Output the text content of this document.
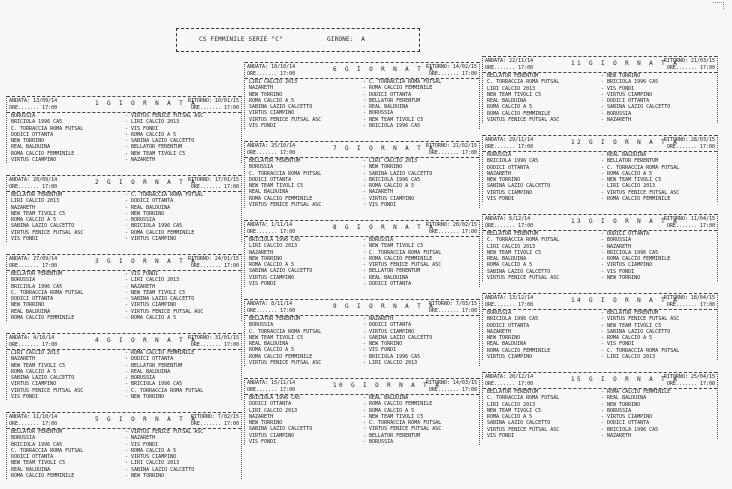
CS FEMMINILE SERIE "C"	GIRONE:  A
ANDATA: 13/09/14
ORE....... 17:00
1 G I O R N A T A
RITORNO: 10/01/15
ORE....... 17:00
BORUSSIA	- VIRTUS FENICE FUTSAL ASC
BRICIOLA 1996 CA5	- LIRI CALCIO 2013
C. TORRACCIA ROMA FUTSAL	- VIS FONDI
DODICI OTTANTA	- ROMA CALCIO A 5
NEW TORRINO	- SABINA LAZIO CALCETTO
REAL BALDUINA	- BELLATOR FERENTUM
ROMA CALCIO FEMMINILE	- NEW TEAM TIVOLI C5
VIRTUS CIAMPINO	- NAZARETH
ANDATA: 20/09/14
ORE....... 17:00
2 G I O R N A T A
RITORNO: 17/01/15
ORE....... 17:00
BELLATOR FERENTUM	- C. TORRACCIA ROMA FUTSAL
LIRI CALCIO 2013	- DODICI OTTANTA
NAZARETH	- REAL BALDUINA
NEW TEAM TIVOLI C5	- NEW TORRINO
ROMA CALCIO A 5	- BORUSSIA
SABINA LAZIO CALCETTO	- BRICIOLA 1996 CA5
VIRTUS FENICE FUTSAL ASC	- ROMA CALCIO FEMMINILE
VIS FONDI	- VIRTUS CIAMPINO
ANDATA: 27/09/14
ORE....... 17:00
3 G I O R N A T A
RITORNO: 24/01/15
ORE....... 17:00
BELLATOR FERENTUM	- VIS FONDI
BORUSSIA	- LIRI CALCIO 2013
BRICIOLA 1996 CA5	- NAZARETH
C. TORRACCIA ROMA FUTSAL	- NEW TEAM TIVOLI C5
DODICI OTTANTA	- SABINA LAZIO CALCETTO
NEW TORRINO	- VIRTUS CIAMPINO
REAL BALDUINA	- VIRTUS FENICE FUTSAL ASC
ROMA CALCIO FEMMINILE	- ROMA CALCIO A 5
ANDATA: 4/10/14
ORE....... 17:00
4 G I O R N A T A
RITORNO: 31/01/15
ORE....... 17:00
LIRI CALCIO 2013	- ROMA CALCIO FEMMINILE
NAZARETH	- DODICI OTTANTA
NEW TEAM TIVOLI C5	- BELLATOR FERENTUM
ROMA CALCIO A 5	- REAL BALDUINA
SABINA LAZIO CALCETTO	- BORUSSIA
VIRTUS CIAMPINO	- BRICIOLA 1996 CA5
VIRTUS FENICE FUTSAL ASC	- C. TORRACCIA ROMA FUTSAL
VIS FONDI	- NEW TORRINO
ANDATA: 11/10/14
ORE....... 17:00
5 G I O R N A T A
RITORNO: 7/02/15
ORE....... 17:00
BELLATOR FERENTUM	- VIRTUS FENICE FUTSAL ASC
BORUSSIA	- NAZARETH
BRICIOLA 1996 CA5	- VIS FONDI
C. TORRACCIA ROMA FUTSAL	- ROMA CALCIO A 5
DODICI OTTANTA	- VIRTUS CIAMPINO
NEW TEAM TIVOLI C5	- LIRI CALCIO 2013
REAL BALDUINA	- SABINA LAZIO CALCETTO
ROMA CALCIO FEMMINILE	- NEW TORRINO
ANDATA: 18/10/14
ORE....... 17:00
6 G I O R N A T A
RITORNO: 14/02/15
ORE....... 17:00
LIRI CALCIO 2013	- C. TORRACCIA ROMA FUTSAL
NAZARETH	- ROMA CALCIO FEMMINILE
NEW TORRINO	- DODICI OTTANTA
ROMA CALCIO A 5	- BELLATOR FERENTUM
SABINA LAZIO CALCETTO	- REAL BALDUINA
VIRTUS CIAMPINO	- BORUSSIA
VIRTUS FENICE FUTSAL ASC	- NEW TEAM TIVOLI C5
VIS FONDI	- BRICIOLA 1996 CA5
ANDATA: 25/10/14
ORE....... 17:00
7 G I O R N A T A
RITORNO: 21/02/15
ORE....... 17:00
BELLATOR FERENTUM	- LIRI CALCIO 2013
BORUSSIA	- NEW TORRINO
C. TORRACCIA ROMA FUTSAL	- SABINA LAZIO CALCETTO
DODICI OTTANTA	- BRICIOLA 1996 CA5
NEW TEAM TIVOLI C5	- ROMA CALCIO A 5
REAL BALDUINA	- NAZARETH
ROMA CALCIO FEMMINILE	- VIRTUS CIAMPINO
VIRTUS FENICE FUTSAL ASC	- VIS FONDI
ANDATA: 1/11/14
ORE....... 17:00
8 G I O R N A T A
RITORNO: 28/02/15
ORE....... 17:00
BRICIOLA 1996 CA5	- BORUSSIA
LIRI CALCIO 2013	- NEW TEAM TIVOLI C5
NAZARETH	- C. TORRACCIA ROMA FUTSAL
NEW TORRINO	- ROMA CALCIO FEMMINILE
ROMA CALCIO A 5	- VIRTUS FENICE FUTSAL ASC
SABINA LAZIO CALCETTO	- BELLATOR FERENTUM
VIRTUS CIAMPINO	- REAL BALDUINA
VIS FONDI	- DODICI OTTANTA
ANDATA: 8/11/14
ORE....... 17:00
9 G I O R N A T A
RITORNO: 7/03/15
ORE....... 17:00
BELLATOR FERENTUM	- NAZARETH
BORUSSIA	- DODICI OTTANTA
C. TORRACCIA ROMA FUTSAL	- VIRTUS CIAMPINO
NEW TEAM TIVOLI C5	- SABINA LAZIO CALCETTO
REAL BALDUINA	- NEW TORRINO
ROMA CALCIO A 5	- VIS FONDI
ROMA CALCIO FEMMINILE	- BRICIOLA 1996 CA5
VIRTUS FENICE FUTSAL ASC	- LIRI CALCIO 2013
ANDATA: 15/11/14
ORE....... 17:00
10 G I O R N A T A
RITORNO: 14/03/15
ORE....... 17:00
BRICIOLA 1996 CA5	- REAL BALDUINA
DODICI OTTANTA	- ROMA CALCIO FEMMINILE
LIRI CALCIO 2013	- ROMA CALCIO A 5
NAZARETH	- NEW TEAM TIVOLI C5
NEW TORRINO	- C. TORRACCIA ROMA FUTSAL
SABINA LAZIO CALCETTO	- VIRTUS FENICE FUTSAL ASC
VIRTUS CIAMPINO	- BELLATOR FERENTUM
VIS FONDI	- BORUSSIA
ANDATA: 22/11/14
ORE....... 17:00
11 G I O R N A T A
RITORNO: 21/03/15
ORE....... 17:00
BELLATOR FERENTUM	- NEW TORRINO
C. TORRACCIA ROMA FUTSAL	- BRICIOLA 1996 CA5
LIRI CALCIO 2013	- VIS FONDI
NEW TEAM TIVOLI C5	- VIRTUS CIAMPINO
REAL BALDUINA	- DODICI OTTANTA
ROMA CALCIO A 5	- SABINA LAZIO CALCETTO
ROMA CALCIO FEMMINILE	- BORUSSIA
VIRTUS FENICE FUTSAL ASC	- NAZARETH
ANDATA: 29/11/14
ORE....... 17:00
12 G I O R N A T A
RITORNO: 28/03/15
ORE....... 17:00
BORUSSIA	- REAL BALDUINA
BRICIOLA 1996 CA5	- BELLATOR FERENTUM
DODICI OTTANTA	- C. TORRACCIA ROMA FUTSAL
NAZARETH	- ROMA CALCIO A 5
NEW TORRINO	- NEW TEAM TIVOLI C5
SABINA LAZIO CALCETTO	- LIRI CALCIO 2013
VIRTUS CIAMPINO	- VIRTUS FENICE FUTSAL ASC
VIS FONDI	- ROMA CALCIO FEMMINILE
ANDATA: 6/12/14
ORE....... 17:00
13 G I O R N A T A
RITORNO: 11/04/15
ORE....... 17:00
BELLATOR FERENTUM	- DODICI OTTANTA
C. TORRACCIA ROMA FUTSAL	- BORUSSIA
LIRI CALCIO 2013	- NAZARETH
NEW TEAM TIVOLI C5	- BRICIOLA 1996 CA5
REAL BALDUINA	- ROMA CALCIO FEMMINILE
ROMA CALCIO A 5	- VIRTUS CIAMPINO
SABINA LAZIO CALCETTO	- VIS FONDI
VIRTUS FENICE FUTSAL ASC	- NEW TORRINO
ANDATA: 13/12/14
ORE....... 17:00
14 G I O R N A T A
RITORNO: 18/04/15
ORE....... 17:00
BORUSSIA	- BELLATOR FERENTUM
BRICIOLA 1996 CA5	- VIRTUS FENICE FUTSAL ASC
DODICI OTTANTA	- NEW TEAM TIVOLI C5
NAZARETH	- SABINA LAZIO CALCETTO
NEW TORRINO	- ROMA CALCIO A 5
REAL BALDUINA	- VIS FONDI
ROMA CALCIO FEMMINILE	- C. TORRACCIA ROMA FUTSAL
VIRTUS CIAMPINO	- LIRI CALCIO 2013
ANDATA: 20/12/14
ORE....... 17:00
15 G I O R N A T A
RITORNO: 25/04/15
ORE....... 17:00
BELLATOR FERENTUM	- ROMA CALCIO FEMMINILE
C. TORRACCIA ROMA FUTSAL	- REAL BALDUINA
LIRI CALCIO 2013	- NEW TORRINO
NEW TEAM TIVOLI C5	- BORUSSIA
ROMA CALCIO A 5	- VIRTUS CIAMPINO
SABINA LAZIO CALCETTO	- DODICI OTTANTA
VIRTUS FENICE FUTSAL ASC	- BRICIOLA 1996 CA5
VIS FONDI	- NAZARETH
